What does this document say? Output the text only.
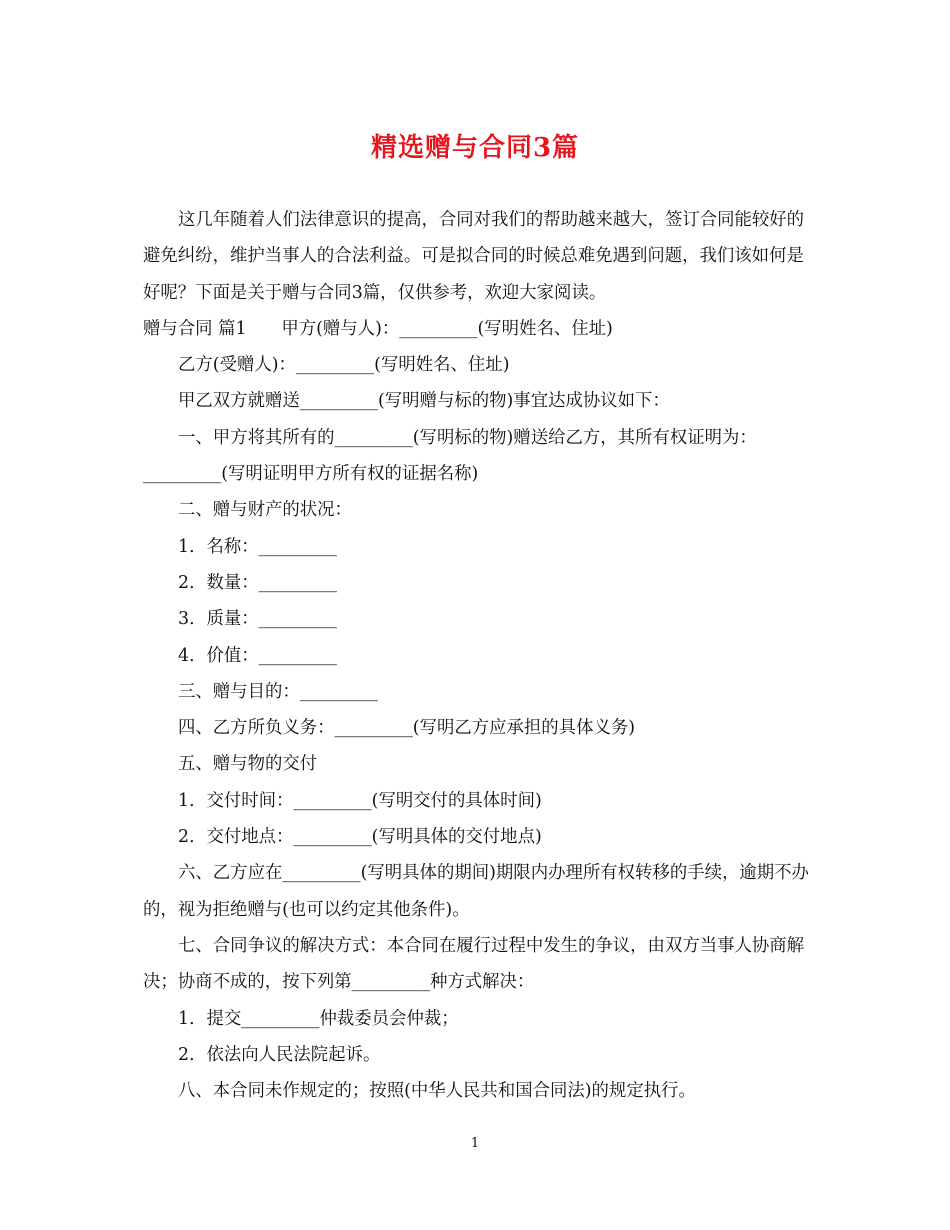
精选赠与合同3篇

这几年随着人们法律意识的提高，合同对我们的帮助越来越大，签订合同能较好的避免纠纷，维护当事人的合法利益。可是拟合同的时候总难免遇到问题，我们该如何是好呢？下面是关于赠与合同3篇，仅供参考，欢迎大家阅读。

赠与合同 篇1　　甲方(赠与人)：_________(写明姓名、住址)

乙方(受赠人)：_________(写明姓名、住址)

甲乙双方就赠送_________(写明赠与标的物)事宜达成协议如下：

一、甲方将其所有的_________(写明标的物)赠送给乙方，其所有权证明为：_________(写明证明甲方所有权的证据名称)

二、赠与财产的状况：

1．名称：_________

2．数量：_________

3．质量：_________

4．价值：_________

三、赠与目的：_________

四、乙方所负义务：_________(写明乙方应承担的具体义务)

五、赠与物的交付

1．交付时间：_________(写明交付的具体时间)

2．交付地点：_________(写明具体的交付地点)

六、乙方应在_________(写明具体的期间)期限内办理所有权转移的手续，逾期不办的，视为拒绝赠与(也可以约定其他条件)。

七、合同争议的解决方式：本合同在履行过程中发生的争议，由双方当事人协商解决；协商不成的，按下列第_________种方式解决：

1．提交_________仲裁委员会仲裁；

2．依法向人民法院起诉。

八、本合同未作规定的；按照(中华人民共和国合同法)的规定执行。

1
